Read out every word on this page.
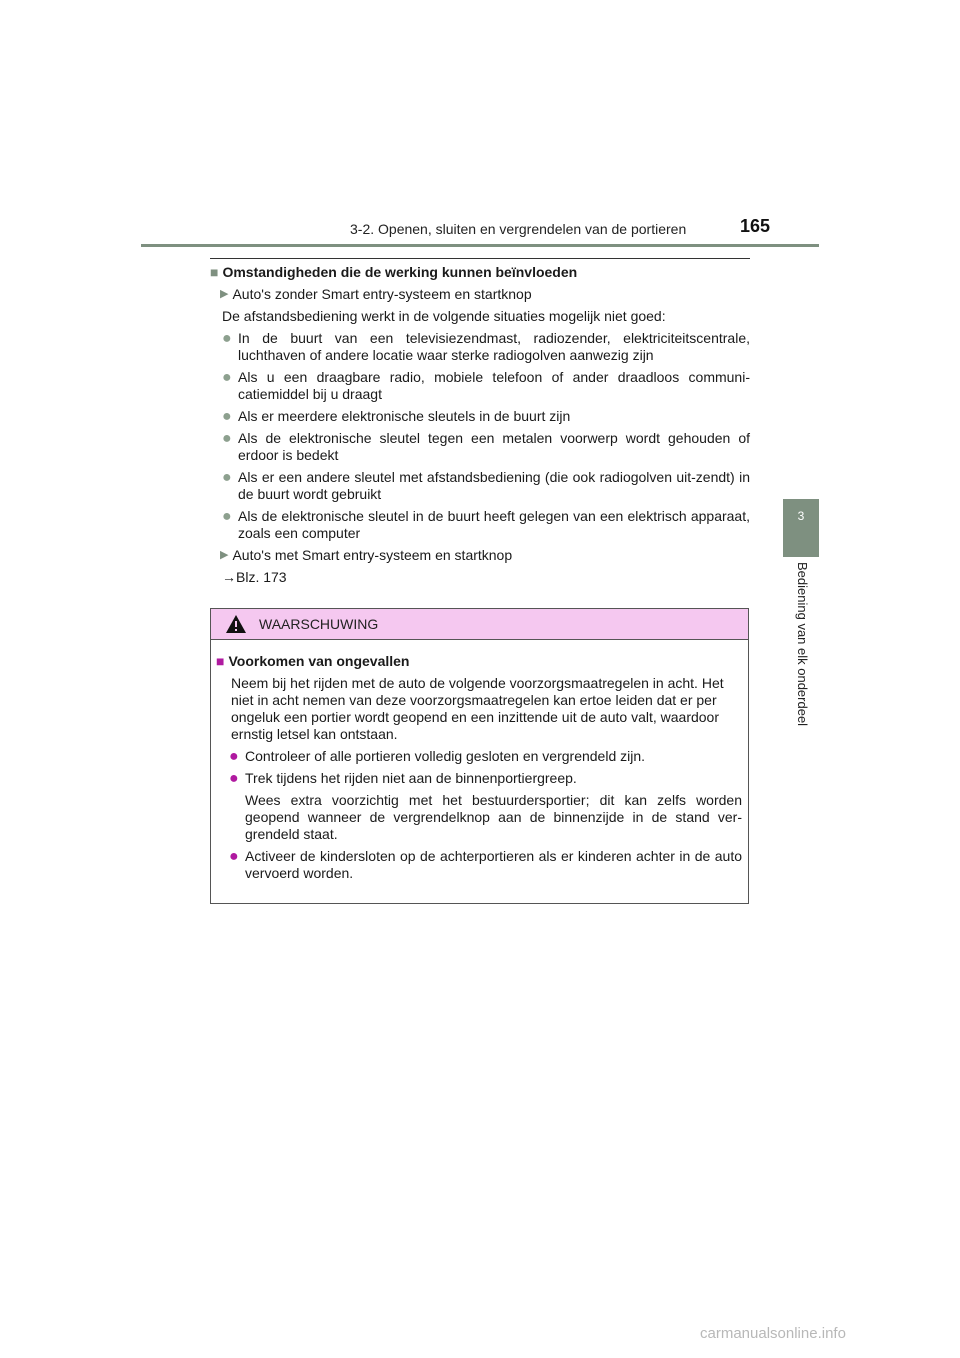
3-2. Openen, sluiten en vergrendelen van de portieren	165
3
Bediening van elk onderdeel
■ Omstandigheden die de werking kunnen beïnvloeden
▶ Auto's zonder Smart entry-systeem en startknop
De afstandsbediening werkt in de volgende situaties mogelijk niet goed:
● In de buurt van een televisiezendmast, radiozender, elektriciteitscentrale, luchthaven of andere locatie waar sterke radiogolven aanwezig zijn
● Als u een draagbare radio, mobiele telefoon of ander draadloos communi-catiemiddel bij u draagt
● Als er meerdere elektronische sleutels in de buurt zijn
● Als de elektronische sleutel tegen een metalen voorwerp wordt gehouden of erdoor is bedekt
● Als er een andere sleutel met afstandsbediening (die ook radiogolven uit-zendt) in de buurt wordt gebruikt
● Als de elektronische sleutel in de buurt heeft gelegen van een elektrisch apparaat, zoals een computer
▶ Auto's met Smart entry-systeem en startknop
→Blz. 173
WAARSCHUWING
■ Voorkomen van ongevallen
Neem bij het rijden met de auto de volgende voorzorgsmaatregelen in acht. Het niet in acht nemen van deze voorzorgsmaatregelen kan ertoe leiden dat er per ongeluk een portier wordt geopend en een inzittende uit de auto valt, waardoor ernstig letsel kan ontstaan.
● Controleer of alle portieren volledig gesloten en vergrendeld zijn.
● Trek tijdens het rijden niet aan de binnenportiergreep.
Wees extra voorzichtig met het bestuurdersportier; dit kan zelfs worden geopend wanneer de vergrendelknop aan de binnenzijde in de stand ver-grendeld staat.
● Activeer de kindersloten op de achterportieren als er kinderen achter in de auto vervoerd worden.
carmanualsonline.info
